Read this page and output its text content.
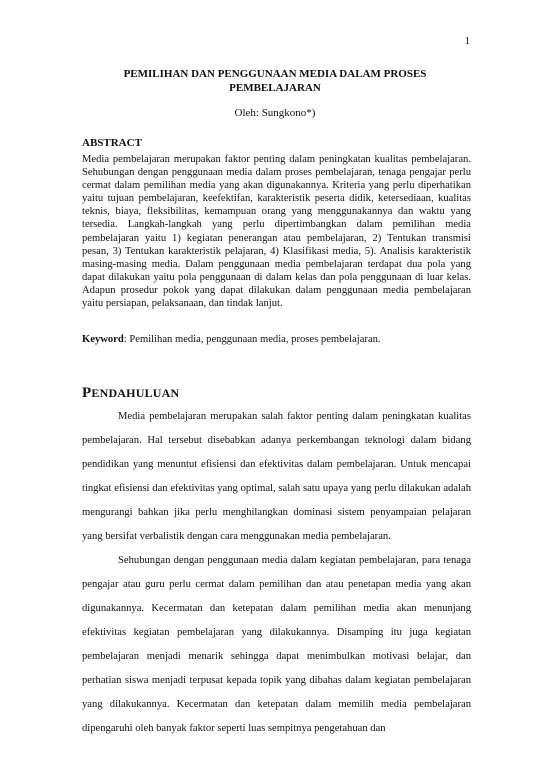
1
PEMILIHAN DAN PENGGUNAAN MEDIA DALAM PROSES
PEMBELAJARAN
Oleh: Sungkono*)
ABSTRACT

Media pembelajaran merupakan faktor penting dalam peningkatan kualitas pembelajaran. Sehubungan dengan penggunaan media dalam proses pembelajaran, tenaga pengajar perlu cermat dalam pemilihan media yang akan digunakannya. Kriteria yang perlu diperhatikan yaitu tujuan pembelajaran, keefektifan, karakteristik peserta didik, ketersediaan, kualitas teknis, biaya, fleksibilitas, kemampuan orang yang menggunakannya dan waktu yang tersedia. Langkah-langkah yang perlu dipertimbangkan dalam pemilihan media pembelajaran yaitu 1) kegiatan penerangan atau pembelajaran, 2) Tentukan transmisi pesan, 3) Tentukan karakteristik pelajaran, 4) Klasifikasi media, 5). Analisis karakteristik masing-masing media. Dalam penggunaan media pembelajaran terdapat dua pola yang dapat dilakukan yaitu pola penggunaan di dalam kelas dan pola penggunaan di luar kelas. Adapun prosedur pokok yang dapat dilakukan dalam penggunaan media pembelajaran yaitu persiapan, pelaksanaan, dan tindak lanjut.

Keyword: Pemilihan media, penggunaan media, proses pembelajaran.
PENDAHULUAN

Media pembelajaran merupakan salah faktor penting dalam peningkatan kualitas pembelajaran. Hal tersebut disebabkan adanya perkembangan teknologi dalam bidang pendidikan yang menuntut efisiensi dan efektivitas dalam pembelajaran. Untuk mencapai tingkat efisiensi dan efektivitas yang optimal, salah satu upaya yang perlu dilakukan adalah mengurangi bahkan jika perlu menghilangkan dominasi sistem penyampaian pelajaran yang bersifat verbalistik dengan cara menggunakan media pembelajaran.

Sehubungan dengan penggunaan media dalam kegiatan pembelajaran, para tenaga pengajar atau guru perlu cermat dalam pemilihan dan atau penetapan media yang akan digunakannya. Kecermatan dan ketepatan dalam pemilihan media akan menunjang efektivitas kegiatan pembelajaran yang dilakukannya. Disamping itu juga kegiatan pembelajaran menjadi menarik sehingga dapat menimbulkan motivasi belajar, dan perhatian siswa menjadi terpusat kepada topik yang dibahas dalam kegiatan pembelajaran yang dilakukannya. Kecermatan dan ketepatan dalam memilih media pembelajaran dipengaruhi oleh banyak faktor seperti luas sempitnya pengetahuan dan
